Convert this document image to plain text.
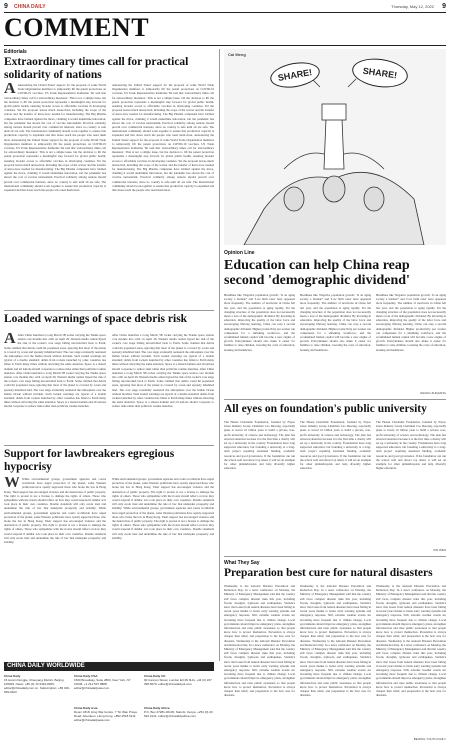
9 CHINA DAILY	Thursday, May 12, 2022 9
COMMENT
Editorials
Extraordinary times call for practical solidarity of nations
A Announcing the United States' support for the proposal of some World Trade Organization members to temporarily lift the patent protections on COVID-19 vaccines, US Trade Representative Katherine Tai said that 'extraordinary times call for extraordinary measures'. This is not a simple issue, but the decision to lift the patent protection represents a meaningful step forward for global public health, ensuring broader access to affordable vaccines in developing countries. Yet the proposal leaves much unresolved, including the scope of the waiver and the transfer of know-how needed for manufacturing. The Big Pharma companies have lobbied against the move, claiming it would undermine innovation, but the pandemic has shown the cost of vaccine nationalism. Practical solidarity among nations should prevail over commercial interests, since no country is safe until all are safe. The international community should work together to ensure that production capacity is expanded and that doses reach the people who need them most. Announcing the United States' support for the proposal of some World Trade Organization members to temporarily lift the patent protections on COVID-19 vaccines, US Trade Representative Katherine Tai said that 'extraordinary times call for extraordinary measures'. This is not a simple issue, but the decision to lift the patent protection represents a meaningful step forward for global public health, ensuring broader access to affordable vaccines in developing countries. Yet the proposal leaves much unresolved, including the scope of the waiver and the transfer of know-how needed for manufacturing. The Big Pharma companies have lobbied against the move, claiming it would undermine innovation, but the pandemic has shown the cost of vaccine nationalism. Practical solidarity among nations should prevail over commercial interests, since no country is safe until all are safe. The international community should work together to ensure that production capacity is expanded and that doses reach the people who need them most.
Announcing the United States' support for the proposal of some World Trade Organization members to temporarily lift the patent protections on COVID-19 vaccines, US Trade Representative Katherine Tai said that 'extraordinary times call for extraordinary measures'. This is not a simple issue, but the decision to lift the patent protection represents a meaningful step forward for global public health, ensuring broader access to affordable vaccines in developing countries. Yet the proposal leaves much unresolved, including the scope of the waiver and the transfer of know-how needed for manufacturing. The Big Pharma companies have lobbied against the move, claiming it would undermine innovation, but the pandemic has shown the cost of vaccine nationalism. Practical solidarity among nations should prevail over commercial interests, since no country is safe until all are safe. The international community should work together to ensure that production capacity is expanded and that doses reach the people who need them most. Announcing the United States' support for the proposal of some World Trade Organization members to temporarily lift the patent protections on COVID-19 vaccines, US Trade Representative Katherine Tai said that 'extraordinary times call for extraordinary measures'. This is not a simple issue, but the decision to lift the patent protection represents a meaningful step forward for global public health, ensuring broader access to affordable vaccines in developing countries. Yet the proposal leaves much unresolved, including the scope of the waiver and the transfer of know-how needed for manufacturing. The Big Pharma companies have lobbied against the move, claiming it would undermine innovation, but the pandemic has shown the cost of vaccine nationalism. Practical solidarity among nations should prevail over commercial interests, since no country is safe until all are safe. The international community should work together to ensure that production capacity is expanded and that doses reach the people who need them most.
Loaded warnings of space debris risk
A After China launched a Long March 5B rocket carrying the Tianhe space station core module into orbit on April 29, Western media outlets hyped the risk of the rocket's core stage falling uncontrolled back to Earth. Some claimed that debris could hit populated areas, ignoring that most of the planet is covered by ocean and sparsely inhabited land. The core stage eventually reentered the atmosphere over the Indian Ocean without incident. Such loaded warnings are typical of a double standard; debris from rockets launched by other countries has fallen to Earth many times without attracting the same attention. Space is a shared domain and all nations should cooperate to reduce risks rather than politicize routine launches. After China launched a Long March 5B rocket carrying the Tianhe space station core module into orbit on April 29, Western media outlets hyped the risk of the rocket's core stage falling uncontrolled back to Earth. Some claimed that debris could hit populated areas, ignoring that most of the planet is covered by ocean and sparsely inhabited land. The core stage eventually reentered the atmosphere over the Indian Ocean without incident. Such loaded warnings are typical of a double standard; debris from rockets launched by other countries has fallen to Earth many times without attracting the same attention. Space is a shared domain and all nations should cooperate to reduce risks rather than politicize routine launches.
After China launched a Long March 5B rocket carrying the Tianhe space station core module into orbit on April 29, Western media outlets hyped the risk of the rocket's core stage falling uncontrolled back to Earth. Some claimed that debris could hit populated areas, ignoring that most of the planet is covered by ocean and sparsely inhabited land. The core stage eventually reentered the atmosphere over the Indian Ocean without incident. Such loaded warnings are typical of a double standard; debris from rockets launched by other countries has fallen to Earth many times without attracting the same attention. Space is a shared domain and all nations should cooperate to reduce risks rather than politicize routine launches. After China launched a Long March 5B rocket carrying the Tianhe space station core module into orbit on April 29, Western media outlets hyped the risk of the rocket's core stage falling uncontrolled back to Earth. Some claimed that debris could hit populated areas, ignoring that most of the planet is covered by ocean and sparsely inhabited land. The core stage eventually reentered the atmosphere over the Indian Ocean without incident. Such loaded warnings are typical of a double standard; debris from rockets launched by other countries has fallen to Earth many times without attracting the same attention. Space is a shared domain and all nations should cooperate to reduce risks rather than politicize routine launches.
Support for lawbreakers egregious hypocrisy
W While environmental groups, government agencies and courts worldwide have urged protection of the planet, some Western politicians have openly supported those who broke the law in Hong Kong. Their support has encouraged violence and the destruction of public property. The right to protest is not a license to damage the rights of others. Those who sympathize with the rioters should reflect on how they would respond if similar acts took place in their own countries. Double standards will only erode trust and undermine the rule of law that underpins prosperity and stability. While environmental groups, government agencies and courts worldwide have urged protection of the planet, some Western politicians have openly supported those who broke the law in Hong Kong. Their support has encouraged violence and the destruction of public property. The right to protest is not a license to damage the rights of others. Those who sympathize with the rioters should reflect on how they would respond if similar acts took place in their own countries. Double standards will only erode trust and undermine the rule of law that underpins prosperity and stability.
While environmental groups, government agencies and courts worldwide have urged protection of the planet, some Western politicians have openly supported those who broke the law in Hong Kong. Their support has encouraged violence and the destruction of public property. The right to protest is not a license to damage the rights of others. Those who sympathize with the rioters should reflect on how they would respond if similar acts took place in their own countries. Double standards will only erode trust and undermine the rule of law that underpins prosperity and stability. While environmental groups, government agencies and courts worldwide have urged protection of the planet, some Western politicians have openly supported those who broke the law in Hong Kong. Their support has encouraged violence and the destruction of public property. The right to protest is not a license to damage the rights of others. Those who sympathize with the rioters should reflect on how they would respond if similar acts took place in their own countries. Double standards will only erode trust and undermine the rule of law that underpins prosperity and stability.
Cai Meng
SHARE!	SHARE!
Opinion Line
Education can help China reap second 'demographic dividend'
Headlines like 'Negative population growth', 'Is an aging society a burden?' and 'Low birth rates' have appeared more frequently. The number of newborns in China fell last year, and the population is aging rapidly. Yet the changing structure of the population does not necessarily mean a loss of the demographic dividend. By investing in education, improving the quality of the labor force and encouraging lifelong learning, China can reap a second demographic dividend. Higher productivity per worker can compensate for a shrinking workforce, and the accumulated human capital will become a new engine of growth. Policymakers should also make it easier for families to raise children, lowering the costs of education, housing and healthcare.
Headlines like 'Negative population growth', 'Is an aging society a burden?' and 'Low birth rates' have appeared more frequently. The number of newborns in China fell last year, and the population is aging rapidly. Yet the changing structure of the population does not necessarily mean a loss of the demographic dividend. By investing in education, improving the quality of the labor force and encouraging lifelong learning, China can reap a second demographic dividend. Higher productivity per worker can compensate for a shrinking workforce, and the accumulated human capital will become a new engine of growth. Policymakers should also make it easier for families to raise children, lowering the costs of education, housing and healthcare.
Headlines like 'Negative population growth', 'Is an aging society a burden?' and 'Low birth rates' have appeared more frequently. The number of newborns in China fell last year, and the population is aging rapidly. Yet the changing structure of the population does not necessarily mean a loss of the demographic dividend. By investing in education, improving the quality of the labor force and encouraging lifelong learning, China can reap a second demographic dividend. Higher productivity per worker can compensate for a shrinking workforce, and the accumulated human capital will become a new engine of growth. Policymakers should also make it easier for families to raise children, lowering the costs of education, housing and healthcare.
ZHANG ZHIQIANG
All eyes on foundation's public university
The Henan Charitable Foundation, founded by Fuyao Glass Industry Group Chairman Cao Dewang, reportedly plans to invest 10 billion yuan to build a private, non-profit university of science and technology. The plan has attracted attention because it is the first time a charity will set up a university in the country. Foundations have long supported education, but founding a university is a long-term project requiring sustained funding, academic resources and good governance. If the foundation can run the school well and attract top talent, it will set an example for other philanthropists and help diversify higher education.
The Henan Charitable Foundation, founded by Fuyao Glass Industry Group Chairman Cao Dewang, reportedly plans to invest 10 billion yuan to build a private, non-profit university of science and technology. The plan has attracted attention because it is the first time a charity will set up a university in the country. Foundations have long supported education, but founding a university is a long-term project requiring sustained funding, academic resources and good governance. If the foundation can run the school well and attract top talent, it will set an example for other philanthropists and help diversify higher education.
The Henan Charitable Foundation, founded by Fuyao Glass Industry Group Chairman Cao Dewang, reportedly plans to invest 10 billion yuan to build a private, non-profit university of science and technology. The plan has attracted attention because it is the first time a charity will set up a university in the country. Foundations have long supported education, but founding a university is a long-term project requiring sustained funding, academic resources and good governance. If the foundation can run the school well and attract top talent, it will set an example for other philanthropists and help diversify higher education.
XIN WEN
What They Say
Preparation best cure for natural disasters
Wednesday is the national Disaster Prevention and Reduction Day. In a news conference on Monday, the Ministry of Emergency Management said that the country still faces complex disaster risks this year, including floods, droughts, typhoons and earthquakes. Statistics show that losses from natural disasters have been falling in recent years thanks to better early warning systems and emergency response. Still, extreme weather events are becoming more frequent due to climate change. Local governments should improve emergency plans, strengthen infrastructure and raise public awareness so that people know how to protect themselves. Prevention is always cheaper than relief, and preparation is the best cure for disasters. Wednesday is the national Disaster Prevention and Reduction Day. In a news conference on Monday, the Ministry of Emergency Management said that the country still faces complex disaster risks this year, including floods, droughts, typhoons and earthquakes. Statistics show that losses from natural disasters have been falling in recent years thanks to better early warning systems and emergency response. Still, extreme weather events are becoming more frequent due to climate change. Local governments should improve emergency plans, strengthen infrastructure and raise public awareness so that people know how to protect themselves. Prevention is always cheaper than relief, and preparation is the best cure for disasters.
Wednesday is the national Disaster Prevention and Reduction Day. In a news conference on Monday, the Ministry of Emergency Management said that the country still faces complex disaster risks this year, including floods, droughts, typhoons and earthquakes. Statistics show that losses from natural disasters have been falling in recent years thanks to better early warning systems and emergency response. Still, extreme weather events are becoming more frequent due to climate change. Local governments should improve emergency plans, strengthen infrastructure and raise public awareness so that people know how to protect themselves. Prevention is always cheaper than relief, and preparation is the best cure for disasters. Wednesday is the national Disaster Prevention and Reduction Day. In a news conference on Monday, the Ministry of Emergency Management said that the country still faces complex disaster risks this year, including floods, droughts, typhoons and earthquakes. Statistics show that losses from natural disasters have been falling in recent years thanks to better early warning systems and emergency response. Still, extreme weather events are becoming more frequent due to climate change. Local governments should improve emergency plans, strengthen infrastructure and raise public awareness so that people know how to protect themselves. Prevention is always cheaper than relief, and preparation is the best cure for disasters.
Wednesday is the national Disaster Prevention and Reduction Day. In a news conference on Monday, the Ministry of Emergency Management said that the country still faces complex disaster risks this year, including floods, droughts, typhoons and earthquakes. Statistics show that losses from natural disasters have been falling in recent years thanks to better early warning systems and emergency response. Still, extreme weather events are becoming more frequent due to climate change. Local governments should improve emergency plans, strengthen infrastructure and raise public awareness so that people know how to protect themselves. Prevention is always cheaper than relief, and preparation is the best cure for disasters. Wednesday is the national Disaster Prevention and Reduction Day. In a news conference on Monday, the Ministry of Emergency Management said that the country still faces complex disaster risks this year, including floods, droughts, typhoons and earthquakes. Statistics show that losses from natural disasters have been falling in recent years thanks to better early warning systems and emergency response. Still, extreme weather events are becoming more frequent due to climate change. Local governments should improve emergency plans, strengthen infrastructure and raise public awareness so that people know how to protect themselves. Prevention is always cheaper than relief, and preparation is the best cure for disasters.
BEIJING YOUTH DAILY
CHINA DAILY WORLDWIDE
China Daily
15 Huixin Dongjie, Chaoyang District, Beijing 100029. News: +86 (0) 10 6491-8366; editor@chinadaily.com.cn. Subscription: +86 400-699-0203
China Daily USA
1500 Broadway, Suite 2800, New York, NY 10036. +1 212 537 8888; editor@chinadailyusa.com
China Daily UK
90 Cannon Street, London EC4N 6HA. +44 (0) 207 398 8270; editor@chinadailyuk.com
China Daily Asia
Room 1818, Hing Wai Centre, 7 Tin Wan Praya Road, Aberdeen, Hong Kong. +852 2518 5111; editor@chinadailyasia.com
China Daily Africa
P.O. Box 27281-00100, Nairobi, Kenya. +254 (0) 20 522 2141; editor@chinadailyafrica.com
